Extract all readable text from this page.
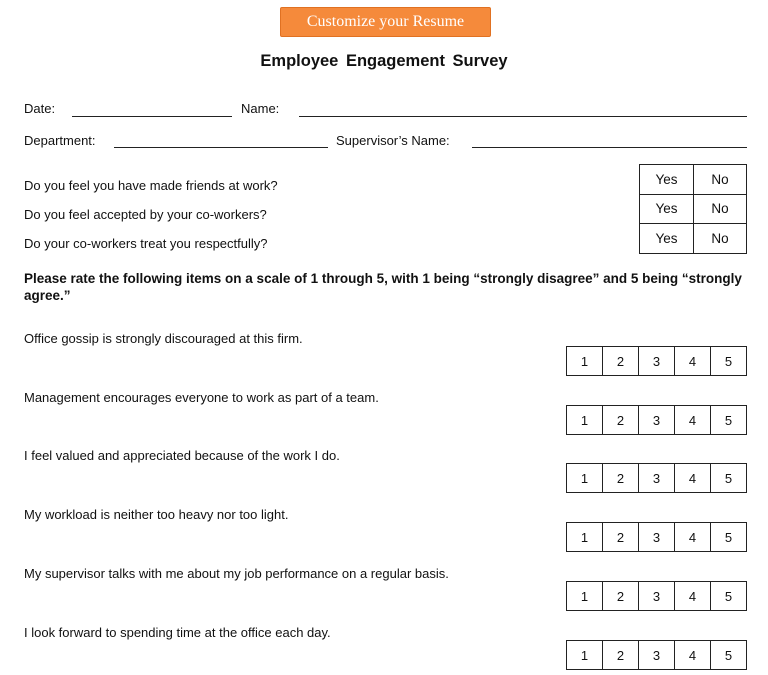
Customize your Resume
Employee Engagement Survey
Date:	Name:
Department:	Supervisor’s Name:
Do you feel you have made friends at work?
Do you feel accepted by your co-workers?
Do your co-workers treat you respectfully?
Yes	No
Yes	No
Yes	No
Please rate the following items on a scale of 1 through 5, with 1 being “strongly disagree” and 5 being “strongly agree.”
Office gossip is strongly discouraged at this firm.
1	2	3	4	5
Management encourages everyone to work as part of a team.
1	2	3	4	5
I feel valued and appreciated because of the work I do.
1	2	3	4	5
My workload is neither too heavy nor too light.
1	2	3	4	5
My supervisor talks with me about my job performance on a regular basis.
1	2	3	4	5
I look forward to spending time at the office each day.
1	2	3	4	5
